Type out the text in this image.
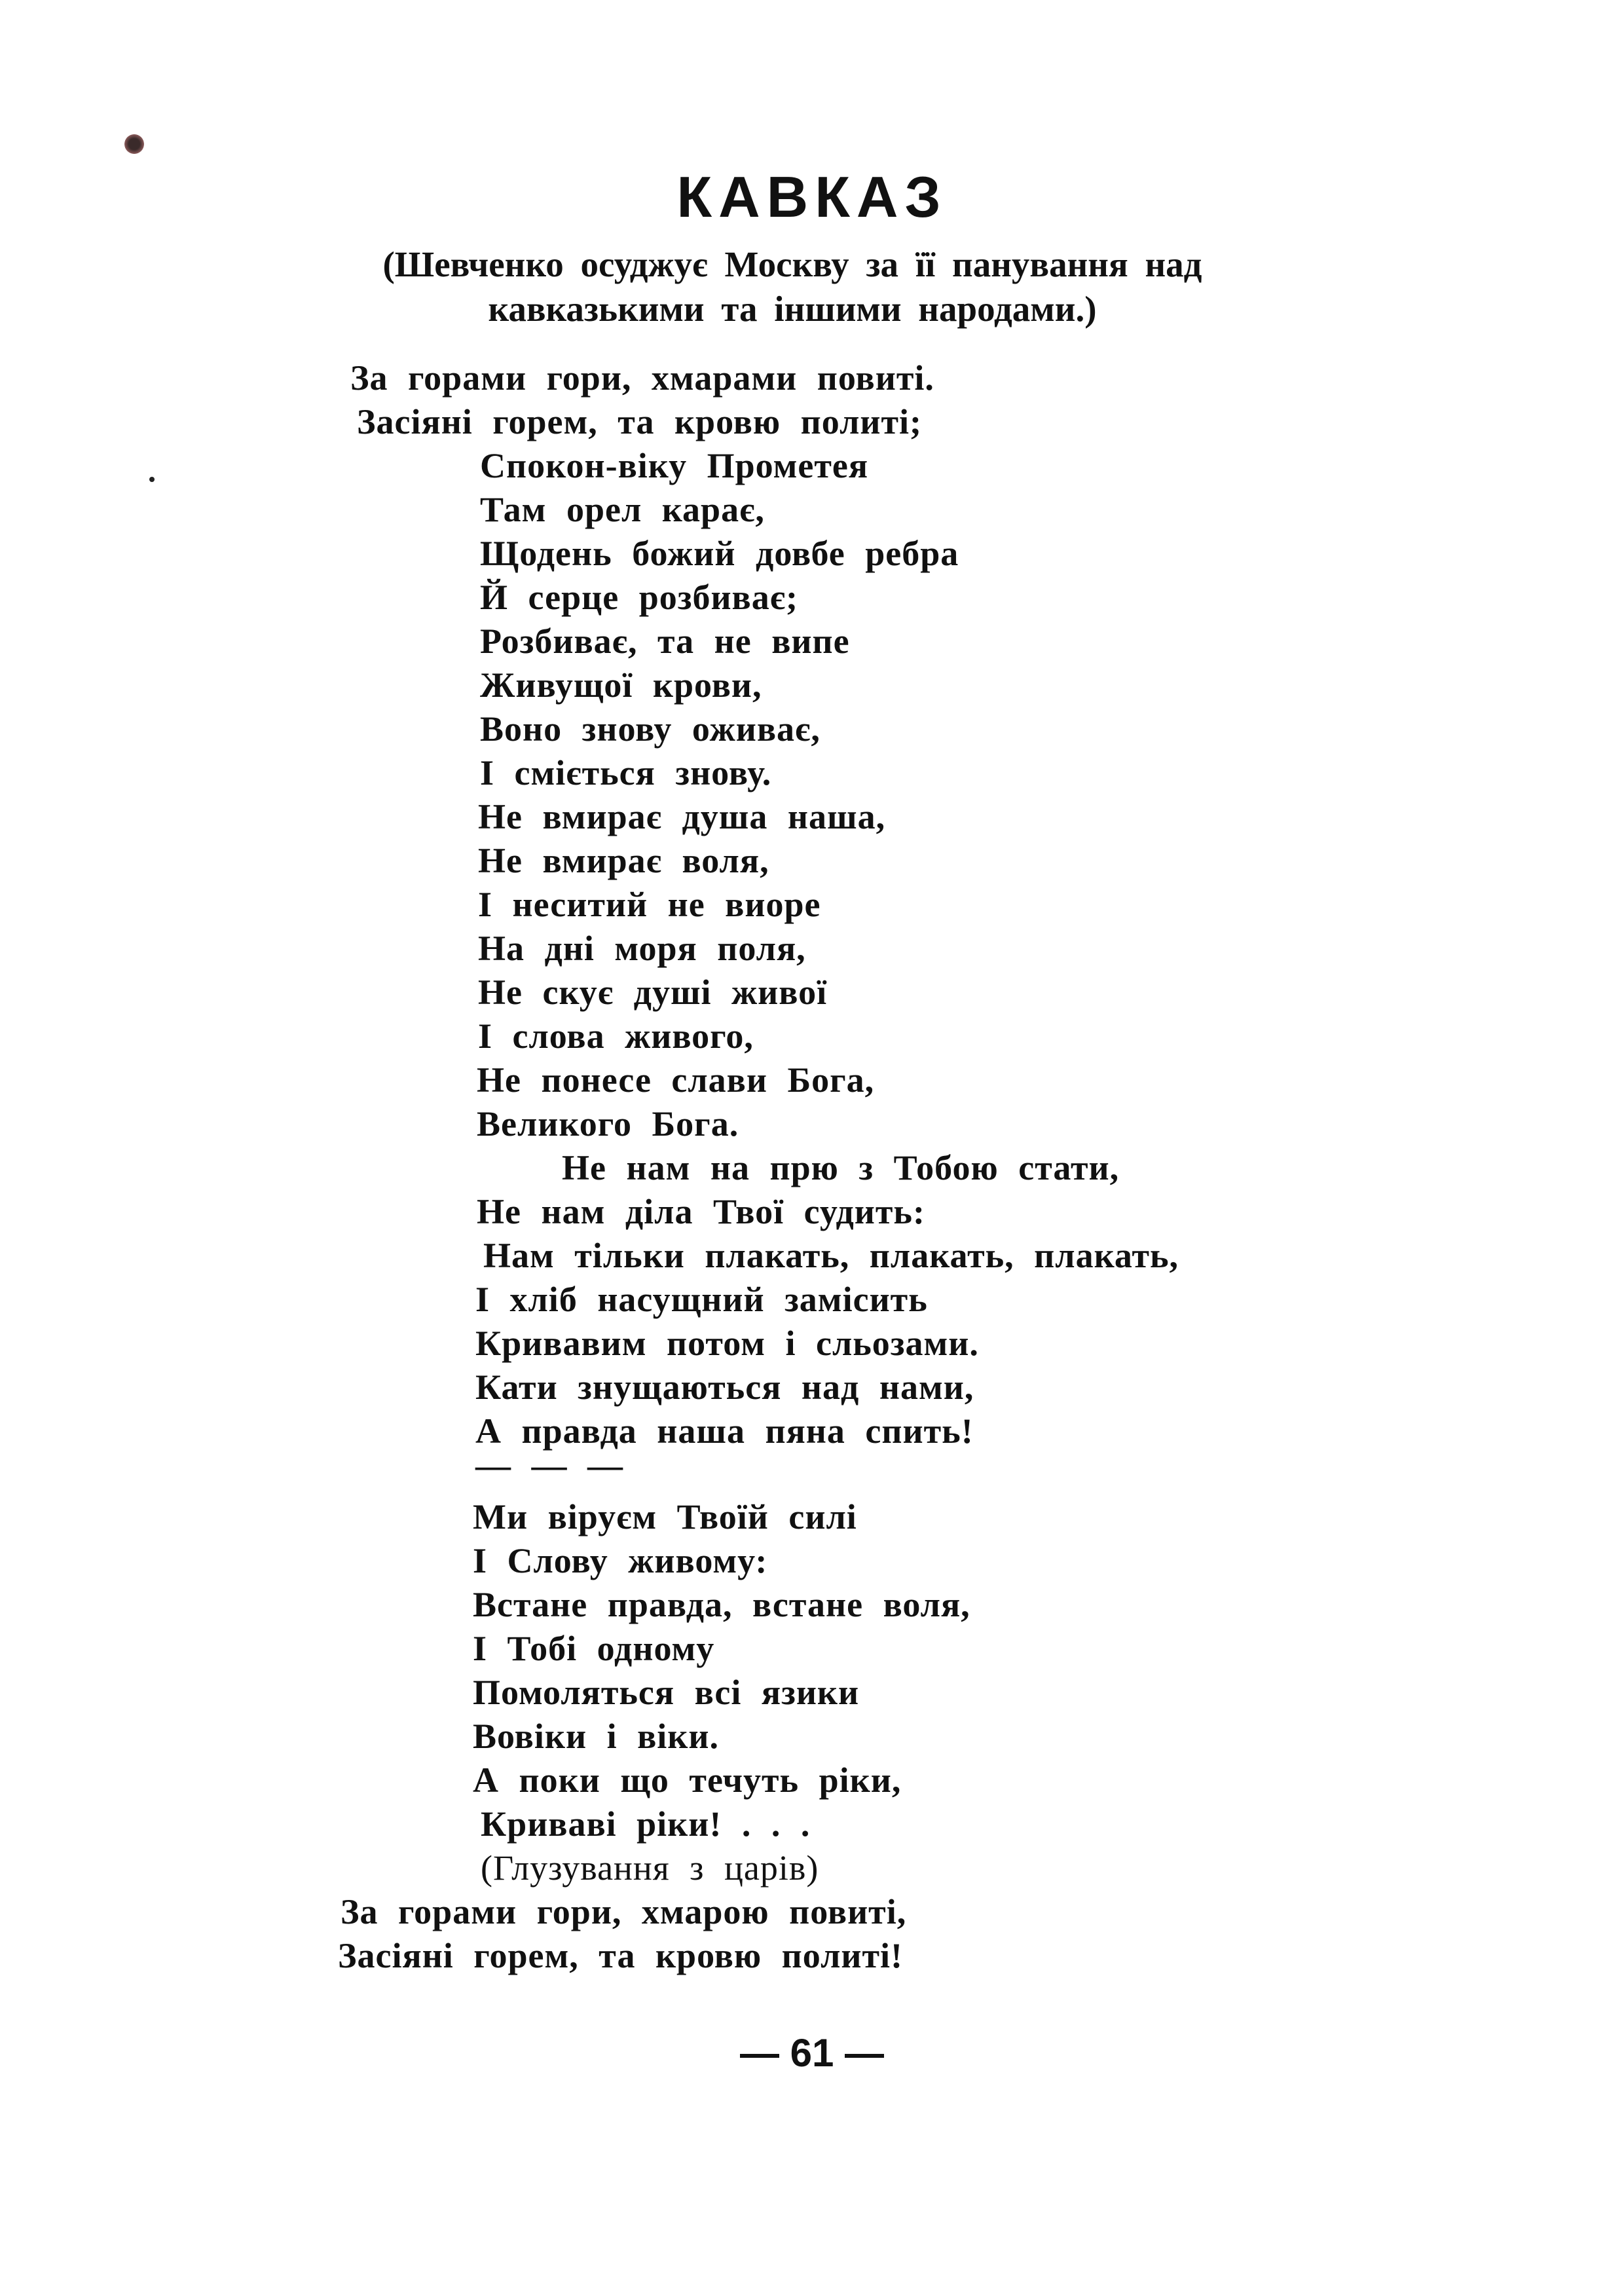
КАВКАЗ
(Шевченко осуджує Москву за її панування над
кавказькими та іншими народами.)
За горами гори, хмарами повиті.
Засіяні горем, та кровю политі;
Спокон-віку Прометея
Там орел карає,
Щодень божий довбе ребра
Й серце розбиває;
Розбиває, та не випе
Живущої крови,
Воно знову оживає,
І сміється знову.
Не вмирає душа наша,
Не вмирає воля,
І неситий не виоре
На дні моря поля,
Не скує душі живої
І слова живого,
Не понесе слави Бога,
Великого Бога.
Не нам на прю з Тобою стати,
Не нам діла Твої судить:
Нам тільки плакать, плакать, плакать,
І хліб насущний замісить
Кривавим потом і сльозами.
Кати знущаються над нами,
А правда наша пяна спить!
— — —
Ми віруєм Твоїй силі
І Слову живому:
Встане правда, встане воля,
І Тобі одному
Помоляться всі язики
Вовіки і віки.
А поки що течуть ріки,
Криваві ріки! . . .
(Глузування з царів)
За горами гори, хмарою повиті,
Засіяні горем, та кровю политі!
— 61 —
